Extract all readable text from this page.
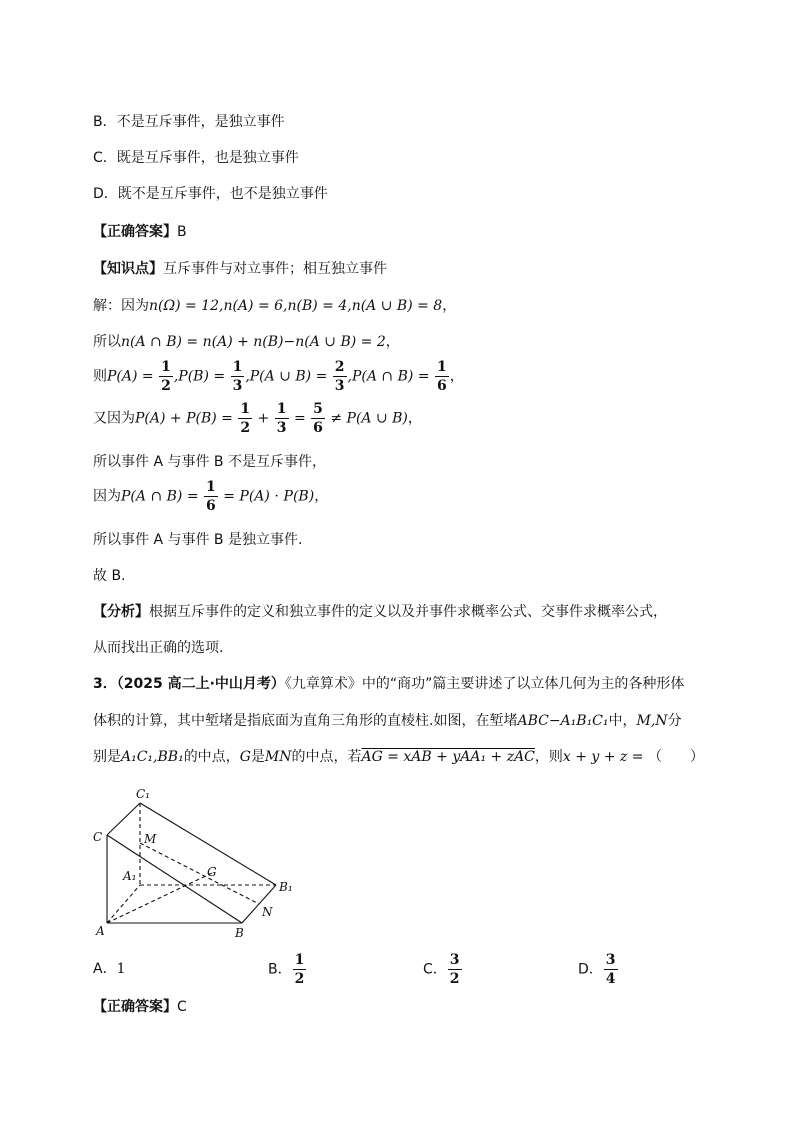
B．不是互斥事件，是独立事件
C．既是互斥事件，也是独立事件
D．既不是互斥事件，也不是独立事件
【正确答案】B
【知识点】互斥事件与对立事件；相互独立事件
解：因为n(Ω) = 12,n(A) = 6,n(B) = 4,n(A ∪ B) = 8，
所以n(A ∩ B) = n(A) + n(B)−n(A ∪ B) = 2，
则$P(A) = \frac{1}{2} ,P(B) = \frac{1}{3} ,P(A$ ∪ $B) = \frac{2}{3} ,P(A$ ∩ $B) = \frac{1}{6}$ ，
又因为$P(A) + P(B) = \frac{1}{2} + \frac{1}{3} = \frac{5}{6} \ne P(A$ ∪ B)，
所以事件 A 与事件 B 不是互斥事件，
因为P(A ∩ $B) = \frac{1}{6} = P(A) \cdot P(B)$，
所以事件 A 与事件 B 是独立事件.
故 B.
【分析】根据互斥事件的定义和独立事件的定义以及并事件求概率公式、交事件求概率公式，
从而找出正确的选项.
3．（2025 高二上·中山月考）《九章算术》中的“商功”篇主要讲述了以立体几何为主的各种形体
体积的计算，其中堑堵是指底面为直角三角形的直棱柱.如图，在堑堵ABC−A₁B₁C₁中，M,N分
别是A₁C₁,BB₁的中点，G是MN的中点，若AG = xAB + yAA₁ + zAC，则x + y + z = （　　）
C₁
C	M
A₁	G
B₁
N
A	B
A．1	B． $\frac{1}{2}$	C． $\frac{3}{2}$	D． $\frac{3}{4}$
【正确答案】C
